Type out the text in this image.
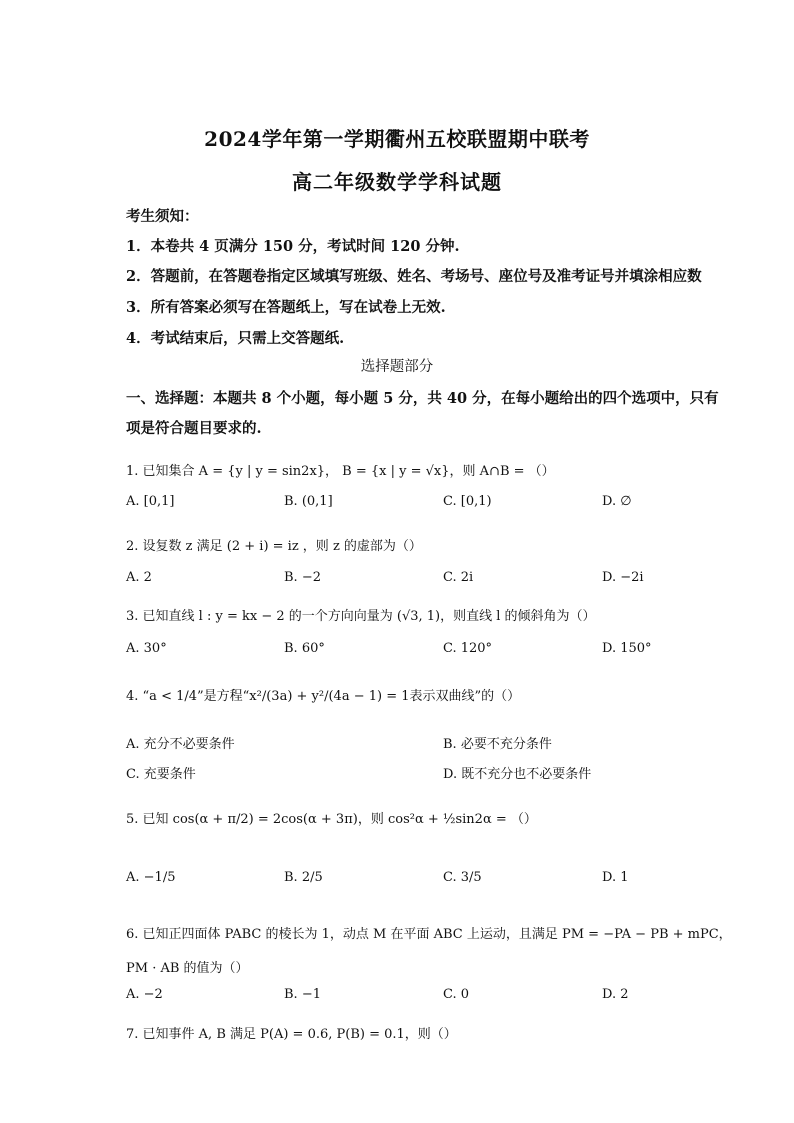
2024学年第一学期衢州五校联盟期中联考
高二年级数学学科试题
考生须知：
1．本卷共 4 页满分 150 分，考试时间 120 分钟.
2．答题前，在答题卷指定区域填写班级、姓名、考场号、座位号及准考证号并填涂相应数
3．所有答案必须写在答题纸上，写在试卷上无效.
4．考试结束后，只需上交答题纸.
选择题部分
一、选择题：本题共 8 个小题，每小题 5 分，共 40 分，在每小题给出的四个选项中，只有
项是符合题目要求的.
1. 已知集合 A = {y | y = sin2x}， B = {x | y = √x}，则 A∩B = （）
A. [0,1]	B. (0,1]	C. [0,1)	D. ∅
2. 设复数 z 满足 (2 + i) = iz ，则 z 的虚部为（）
A. 2	B. −2	C. 2i	D. −2i
3. 已知直线 l : y = kx − 2 的一个方向向量为 (√3, 1)，则直线 l 的倾斜角为（）
A. 30°	B. 60°	C. 120°	D. 150°
4. “a < 1/4”是方程“x²/(3a) + y²/(4a − 1) = 1表示双曲线”的（）
A. 充分不必要条件	B. 必要不充分条件
C. 充要条件	D. 既不充分也不必要条件
5. 已知 cos(α + π/2) = 2cos(α + 3π)，则 cos²α + ½sin2α = （）
A. −1/5	B. 2/5	C. 3/5	D. 1
6. 已知正四面体 PABC 的棱长为 1，动点 M 在平面 ABC 上运动，且满足 PM = −PA − PB + mPC，
PM · AB 的值为（）
A. −2	B. −1	C. 0	D. 2
7. 已知事件 A, B 满足 P(A) = 0.6, P(B) = 0.1，则（）
